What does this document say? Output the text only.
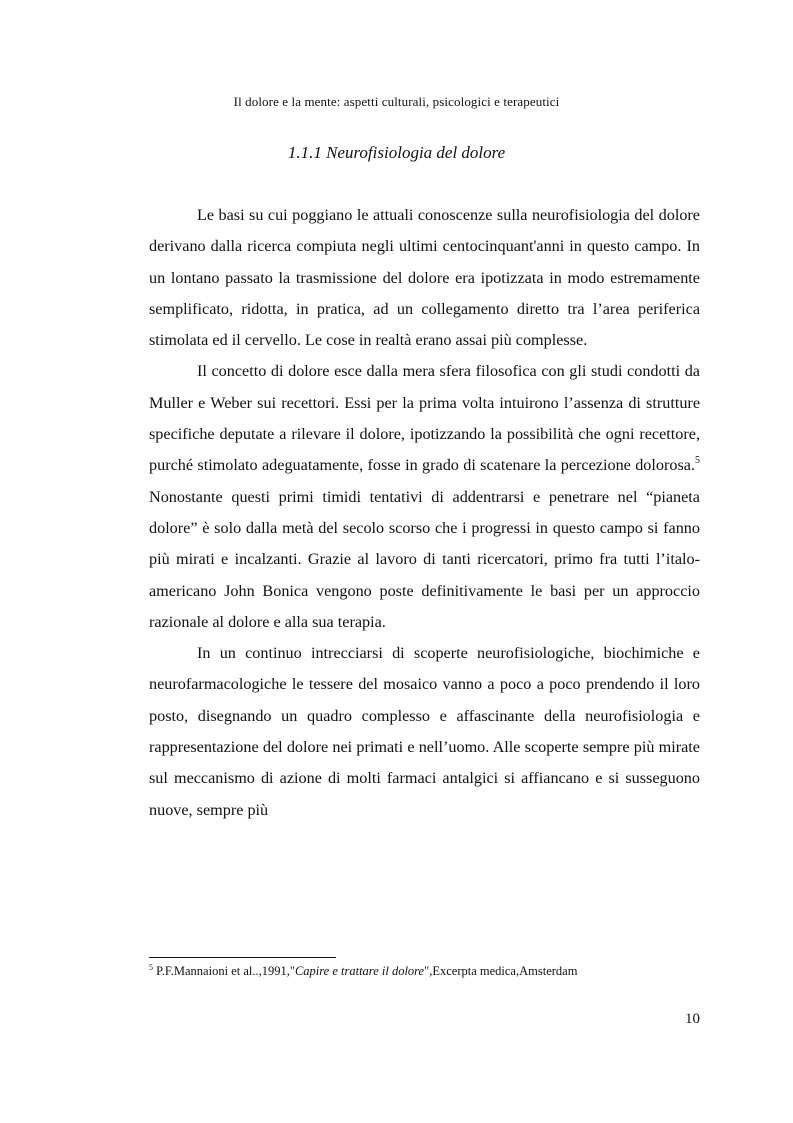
Il dolore e la mente: aspetti culturali, psicologici e terapeutici
1.1.1 Neurofisiologia del dolore

Le basi su cui poggiano le attuali conoscenze sulla neurofisiologia del dolore derivano dalla ricerca compiuta negli ultimi centocinquant'anni in questo campo. In un lontano passato la trasmissione del dolore era ipotizzata in modo estremamente semplificato, ridotta, in pratica, ad un collegamento diretto tra l’area periferica stimolata ed il cervello. Le cose in realtà erano assai più complesse.

Il concetto di dolore esce dalla mera sfera filosofica con gli studi condotti da Muller e Weber sui recettori. Essi per la prima volta intuirono l’assenza di strutture specifiche deputate a rilevare il dolore, ipotizzando la possibilità che ogni recettore, purché stimolato adeguatamente, fosse in grado di scatenare la percezione dolorosa.$^5$ Nonostante questi primi timidi tentativi di addentrarsi e penetrare nel “pianeta dolore” è solo dalla metà del secolo scorso che i progressi in questo campo si fanno più mirati e incalzanti. Grazie al lavoro di tanti ricercatori, primo fra tutti l’italo-americano John Bonica vengono poste definitivamente le basi per un approccio razionale al dolore e alla sua terapia.

In un continuo intrecciarsi di scoperte neurofisiologiche, biochimiche e neurofarmacologiche le tessere del mosaico vanno a poco a poco prendendo il loro posto, disegnando un quadro complesso e affascinante della neurofisiologia e rappresentazione del dolore nei primati e nell’uomo. Alle scoperte sempre più mirate sul meccanismo di azione di molti farmaci antalgici si affiancano e si susseguono nuove, sempre più

$^5$ P.F.Mannaioni et al..,1991,"Capire e trattare il dolore",Excerpta medica,Amsterdam
10
